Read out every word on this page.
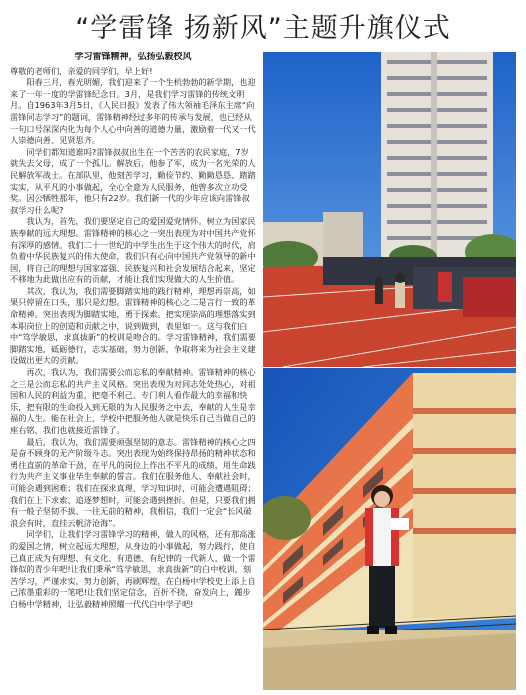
“学雷锋 扬新风”主题升旗仪式
学习雷锋精神，弘扬弘毅校风

尊敬的老师们，亲爱的同学们，早上好!

阳春三月，春光明媚，我们迎来了一个生机勃勃的新学期，也迎来了一年一度的学雷锋纪念日。3月，是我们学习雷锋的传统文明月。自1963年3月5日，《人民日报》发表了伟大领袖毛泽东主席“向雷锋同志学习”的题词，雷锋精神经过多年的传承与发展，也已经从一句口号深深内化为每个人心中向善的道德力量，激励着一代又一代人崇德向善、见贤思齐。

同学们都知道谁吗?雷锋叔叔出生在一个苦苦的农民家庭，7岁就失去父母，成了一个孤儿。解放后，他参了军，成为一名光荣的人民解放军战士。在部队里，他刻苦学习，勤俭节约、勤勤恳恳、踏踏实实，从平凡的小事做起，全心全意为人民服务，他曾多次立功受奖。因公牺牲那年，他只有22岁。我们新一代的少年应该向雷锋叔叔学习什么呢?

我认为，首先，我们要坚定自己的爱国爱党情怀。树立为国家民族奉献的远大理想。雷锋精神的核心之一突出表现为对中国共产党怀有深厚的感情。我们二十一世纪的中学生出生于这个伟大的时代，肩负着中华民族复兴的伟大使命，我们只有心向中国共产党领导的新中国，将自己的理想与国家富强、民族复兴和社会发展结合起来，坚定不移地为此做出应有的贡献，才能让我们实现做大的人生价值。

其次，我认为，我们需要脚踏实地的践行精神，理想再崇高，如果只停留在口头，那只是幻想。雷锋精神的核心之二是言行一致的革命精神。突出表现为脚踏实地，勇于探索。把实现崇高的理想落实到本职岗位上的创造和贡献之中，说到做到，表里如一。这与我们白中“笃学敏思，求真拔新”的校训是吻合的。学习雷锋精神，我们需要脚踏实地，砥砺德行，志实基础，努力创新，争取将来为社会主义建设做出更大的贡献。

再次，我认为，我们需要公而忘私的奉献精神。雷锋精神的核心之三是公而忘私的共产主义风格。突出表现为对同志处处热心，对祖国和人民的利益为重，把毫不利己、专门利人看作最大的幸福和快乐，把有限的生命投入到无限的为人民服务之中去，奉献的人生是幸福的人生。能在社会上，学校中把服务他人就是快乐自己当做自己的座右铭，我们也就接近雷锋了。

最后，我认为，我们需要顽强坚韧的意志。雷锋精神的核心之四是奋不顾身的无产阶级斗志。突出表现为始终保持昂扬的精神状态和勇往直前的革命干劲，在平凡的岗位上作出不平凡的成绩，用生命践行为共产主义事业毕生奉献的誓言。我们在服务他人、奉献社会时，可能会遇到困难；我们在探求真理、学习知识时，可能会遭遇阻碍；我们在上下求索、追逐梦想时，可能会遇到挫折。但是，只要我们拥有一般子坚韧不拔、一往无前的精神，我相信，我们一定会“长风破浪会有时，直挂云帆济沧海”。

同学们，让我们学习雷锋学习的精神，做人的风格，还有那高涨的爱国之情，树立起远大理想，从身边的小事做起，努力践行，使自己真正成为有理想、有文化、有道德、有纪律的一代新人，做一个雷锋似的青少年吧!让我们秉承“笃学敏思，求真拔新”的白中校训，刻苦学习，严谨求实，努力创新，再刷辉煌，在白杨中学校史上添上自己浓墨重彩的一笔吧!让我们坚定信念，百折不挠，奋发向上，踵步白杨中学精神，让弘毅精神照耀一代代白中学子吧!
